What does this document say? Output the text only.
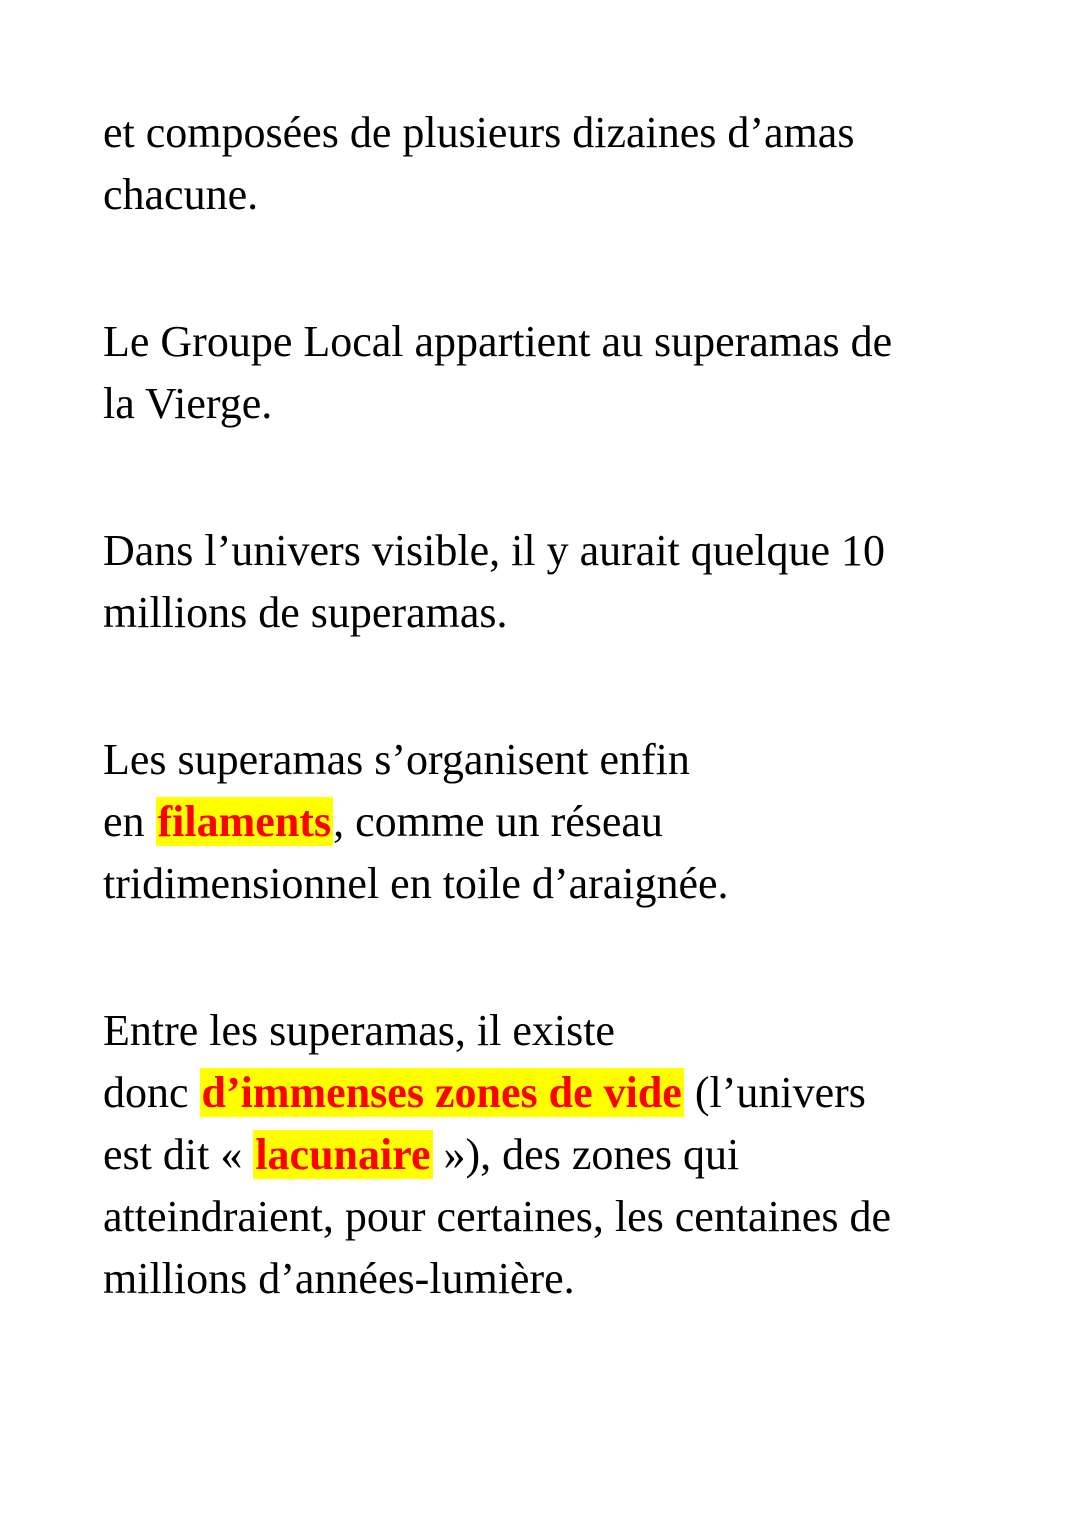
et composées de plusieurs dizaines d’amas
chacune.

Le Groupe Local appartient au superamas de
la Vierge.

Dans l’univers visible, il y aurait quelque 10
millions de superamas.

Les superamas s’organisent enfin
en filaments, comme un réseau
tridimensionnel en toile d’araignée.

Entre les superamas, il existe
donc d’immenses zones de vide (l’univers
est dit « lacunaire »), des zones qui
atteindraient, pour certaines, les centaines de
millions d’années-lumière.
